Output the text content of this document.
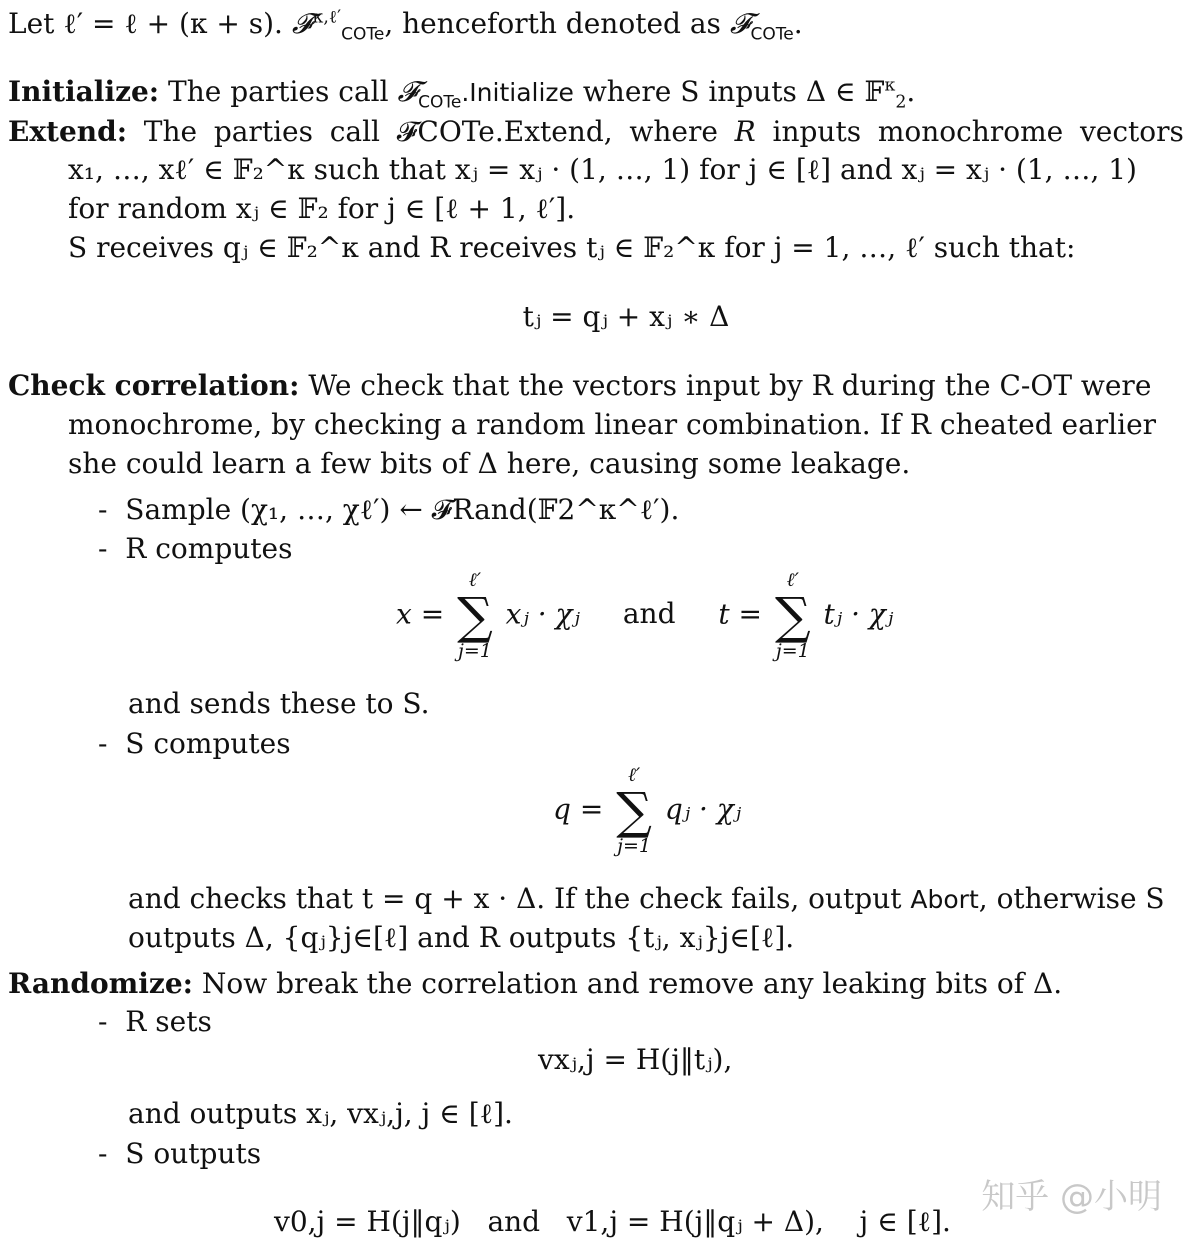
Let ℓ′ = ℓ + (κ + s). 𝓕$^{\kappa,\ell'}_{COTe}$, henceforth denoted as 𝓕$_{COTe}$.
Initialize: The parties call 𝓕$_{COTe}$.Initialize where S inputs Δ ∈ 𝔽$^\kappa_2$.
Extend: The parties call 𝓕COTe.Extend, where R inputs monochrome vectors
x₁, …, xℓ′ ∈ 𝔽₂^κ such that xⱼ = xⱼ · (1, …, 1) for j ∈ [ℓ] and xⱼ = xⱼ · (1, …, 1)
for random xⱼ ∈ 𝔽₂ for j ∈ [ℓ + 1, ℓ′].
S receives qⱼ ∈ 𝔽₂^κ and R receives tⱼ ∈ 𝔽₂^κ for j = 1, …, ℓ′ such that:
tⱼ = qⱼ + xⱼ ∗ Δ
Check correlation: We check that the vectors input by R during the C-OT were
monochrome, by checking a random linear combination. If R cheated earlier
she could learn a few bits of Δ here, causing some leakage.
-  Sample (χ₁, …, χℓ′) ← 𝓕Rand(𝔽2^κ^ℓ′).
-  R computes
x =
ℓ′
∑
j=1
xⱼ · χⱼ and t =
ℓ′
∑
j=1
tⱼ · χⱼ
and sends these to S.
-  S computes
q =
ℓ′
∑
j=1
qⱼ · χⱼ
and checks that t = q + x · Δ. If the check fails, output Abort, otherwise S
outputs Δ, {qⱼ}j∈[ℓ] and R outputs {tⱼ, xⱼ}j∈[ℓ].
Randomize: Now break the correlation and remove any leaking bits of Δ.
-  R sets
vxⱼ,j = H(j‖tⱼ),
and outputs xⱼ, vxⱼ,j, j ∈ [ℓ].
-  S outputs
v0,j = H(j‖qⱼ)   and   v1,j = H(j‖qⱼ + Δ),    j ∈ [ℓ].
知乎 @小明
